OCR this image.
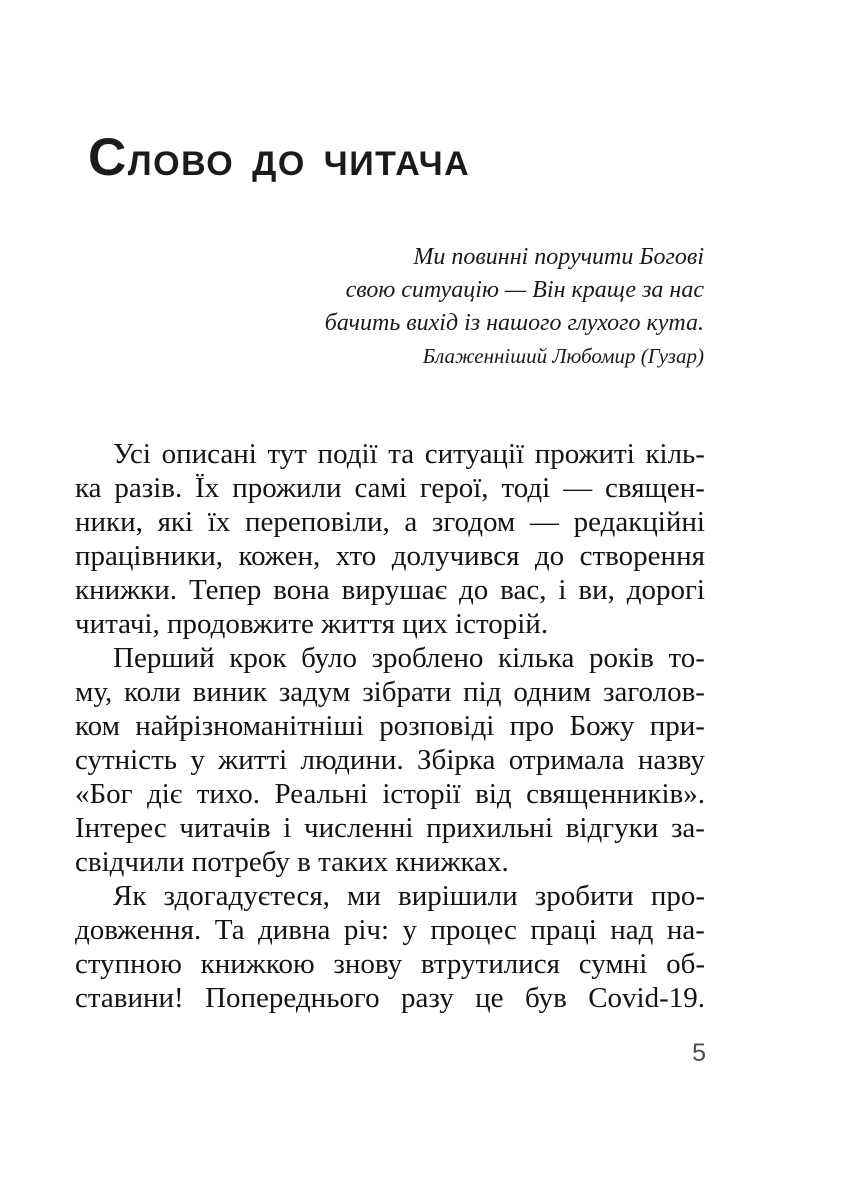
СЛОВО ДО ЧИТАЧА
Ми повинні поручити Богові
свою ситуацію — Він краще за нас
бачить вихід із нашого глухого кута.
Блаженніший Любомир (Гузар)
Усі описані тут події та ситуації прожиті кіль-
ка разів. Їх прожили самі герої, тоді — священ-
ники, які їх переповіли, а згодом — редакційні
працівники, кожен, хто долучився до створення
книжки. Тепер вона вирушає до вас, і ви, дорогі
читачі, продовжите життя цих історій.
Перший крок було зроблено кілька років то-
му, коли виник задум зібрати під одним заголов-
ком найрізноманітніші розповіді про Божу при-
сутність у житті людини. Збірка отримала назву
«Бог діє тихо. Реальні історії від священників».
Інтерес читачів і численні прихильні відгуки за-
свідчили потребу в таких книжках.
Як здогадуєтеся, ми вирішили зробити про-
довження. Та дивна річ: у процес праці над на-
ступною книжкою знову втрутилися сумні об-
ставини! Попереднього разу це був Covid-19.
5
